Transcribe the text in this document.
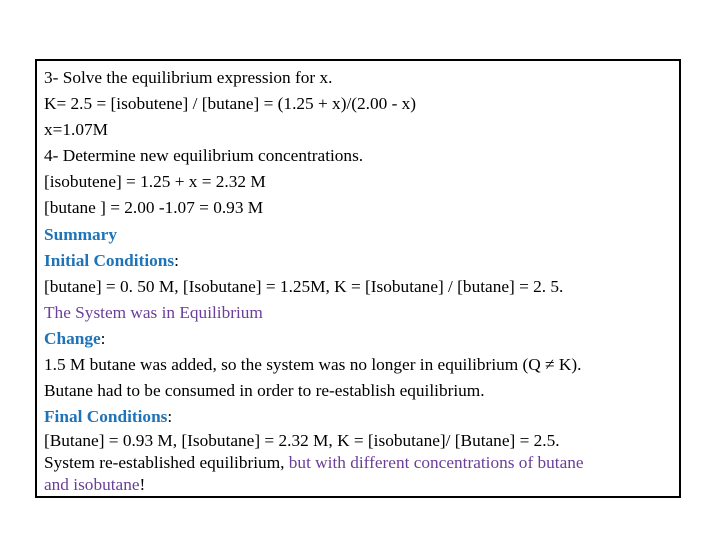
3- Solve the equilibrium expression for x.
K= 2.5 = [isobutene] / [butane] = (1.25 + x)/(2.00 - x)
x=1.07M
4- Determine new equilibrium concentrations.
[isobutene] = 1.25 + x = 2.32 M
[butane ] = 2.00 -1.07 = 0.93 M
Summary
Initial Conditions:
[butane] = 0. 50 M, [Isobutane] = 1.25M, K = [Isobutane] / [butane] = 2. 5.
The System was in Equilibrium
Change:
1.5 M butane was added, so the system was no longer in equilibrium (Q ≠ K).
Butane had to be consumed in order to re-establish equilibrium.
Final Conditions:
[Butane] = 0.93 M, [Isobutane] = 2.32 M, K = [isobutane]/ [Butane] = 2.5.
System re-established equilibrium, but with different concentrations of butane
and isobutane!
